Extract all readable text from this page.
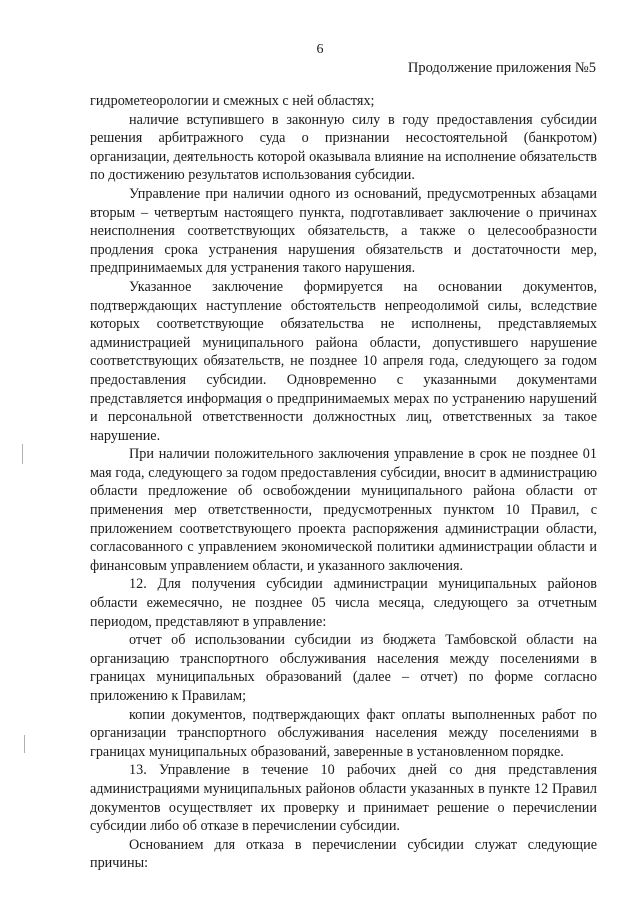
6
Продолжение приложения №5

гидрометеорологии и смежных с ней областях;

наличие вступившего в законную силу в году предоставления субсидии решения арбитражного суда о признании несостоятельной (банкротом) организации, деятельность которой оказывала влияние на исполнение обязательств по достижению результатов использования субсидии.

Управление при наличии одного из оснований, предусмотренных абзацами вторым – четвертым настоящего пункта, подготавливает заключение о причинах неисполнения соответствующих обязательств, а также о целесообразности продления срока устранения нарушения обязательств и достаточности мер, предпринимаемых для устранения такого нарушения.

Указанное заключение формируется на основании документов, подтверждающих наступление обстоятельств непреодолимой силы, вследствие которых соответствующие обязательства не исполнены, представляемых администрацией муниципального района области, допустившего нарушение соответствующих обязательств, не позднее 10 апреля года, следующего за годом предоставления субсидии. Одновременно с указанными документами представляется информация о предпринимаемых мерах по устранению нарушений и персональной ответственности должностных лиц, ответственных за такое нарушение.

При наличии положительного заключения управление в срок не позднее 01 мая года, следующего за годом предоставления субсидии, вносит в администрацию области предложение об освобождении муниципального района области от применения мер ответственности, предусмотренных пунктом 10 Правил, с приложением соответствующего проекта распоряжения администрации области, согласованного с управлением экономической политики администрации области и финансовым управлением области, и указанного заключения.

12. Для получения субсидии администрации муниципальных районов области ежемесячно, не позднее 05 числа месяца, следующего за отчетным периодом, представляют в управление:

отчет об использовании субсидии из бюджета Тамбовской области на организацию транспортного обслуживания населения между поселениями в границах муниципальных образований (далее – отчет) по форме согласно приложению к Правилам;

копии документов, подтверждающих факт оплаты выполненных работ по организации транспортного обслуживания населения между поселениями в границах муниципальных образований, заверенные в установленном порядке.

13. Управление в течение 10 рабочих дней со дня представления администрациями муниципальных районов области указанных в пункте 12 Правил документов осуществляет их проверку и принимает решение о перечислении субсидии либо об отказе в перечислении субсидии.

Основанием для отказа в перечислении субсидии служат следующие причины:
